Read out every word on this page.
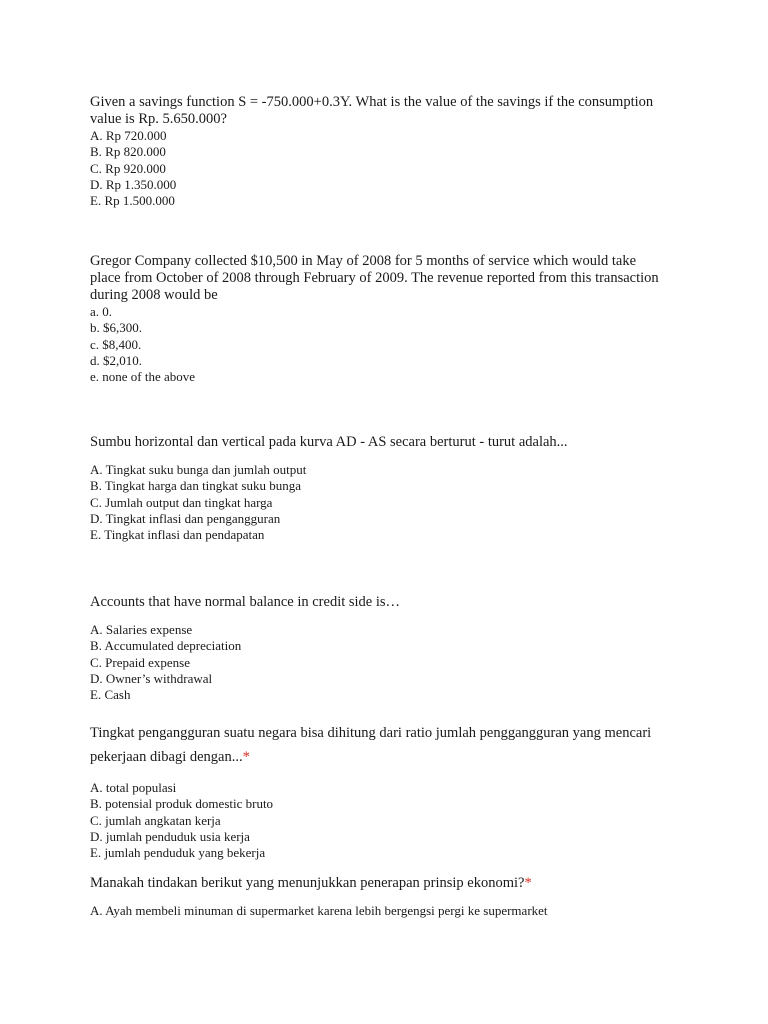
Given a savings function S = -750.000+0.3Y. What is the value of the savings if the consumption value is Rp. 5.650.000?

A. Rp 720.000
B. Rp 820.000
C. Rp 920.000
D. Rp 1.350.000
E. Rp 1.500.000

Gregor Company collected $10,500 in May of 2008 for 5 months of service which would take place from October of 2008 through February of 2009. The revenue reported from this transaction during 2008 would be

a. 0.
b. $6,300.
c. $8,400.
d. $2,010.
e. none of the above

Sumbu horizontal dan vertical pada kurva AD - AS secara berturut - turut adalah...

A. Tingkat suku bunga dan jumlah output
B. Tingkat harga dan tingkat suku bunga
C. Jumlah output dan tingkat harga
D. Tingkat inflasi dan pengangguran
E. Tingkat inflasi dan pendapatan

Accounts that have normal balance in credit side is…

A. Salaries expense
B. Accumulated depreciation
C. Prepaid expense
D. Owner’s withdrawal
E. Cash

Tingkat pengangguran suatu negara bisa dihitung dari ratio jumlah penggangguran yang mencari pekerjaan dibagi dengan...*

A. total populasi
B. potensial produk domestic bruto
C. jumlah angkatan kerja
D. jumlah penduduk usia kerja
E. jumlah penduduk yang bekerja

Manakah tindakan berikut yang menunjukkan penerapan prinsip ekonomi?*

A. Ayah membeli minuman di supermarket karena lebih bergengsi pergi ke supermarket
